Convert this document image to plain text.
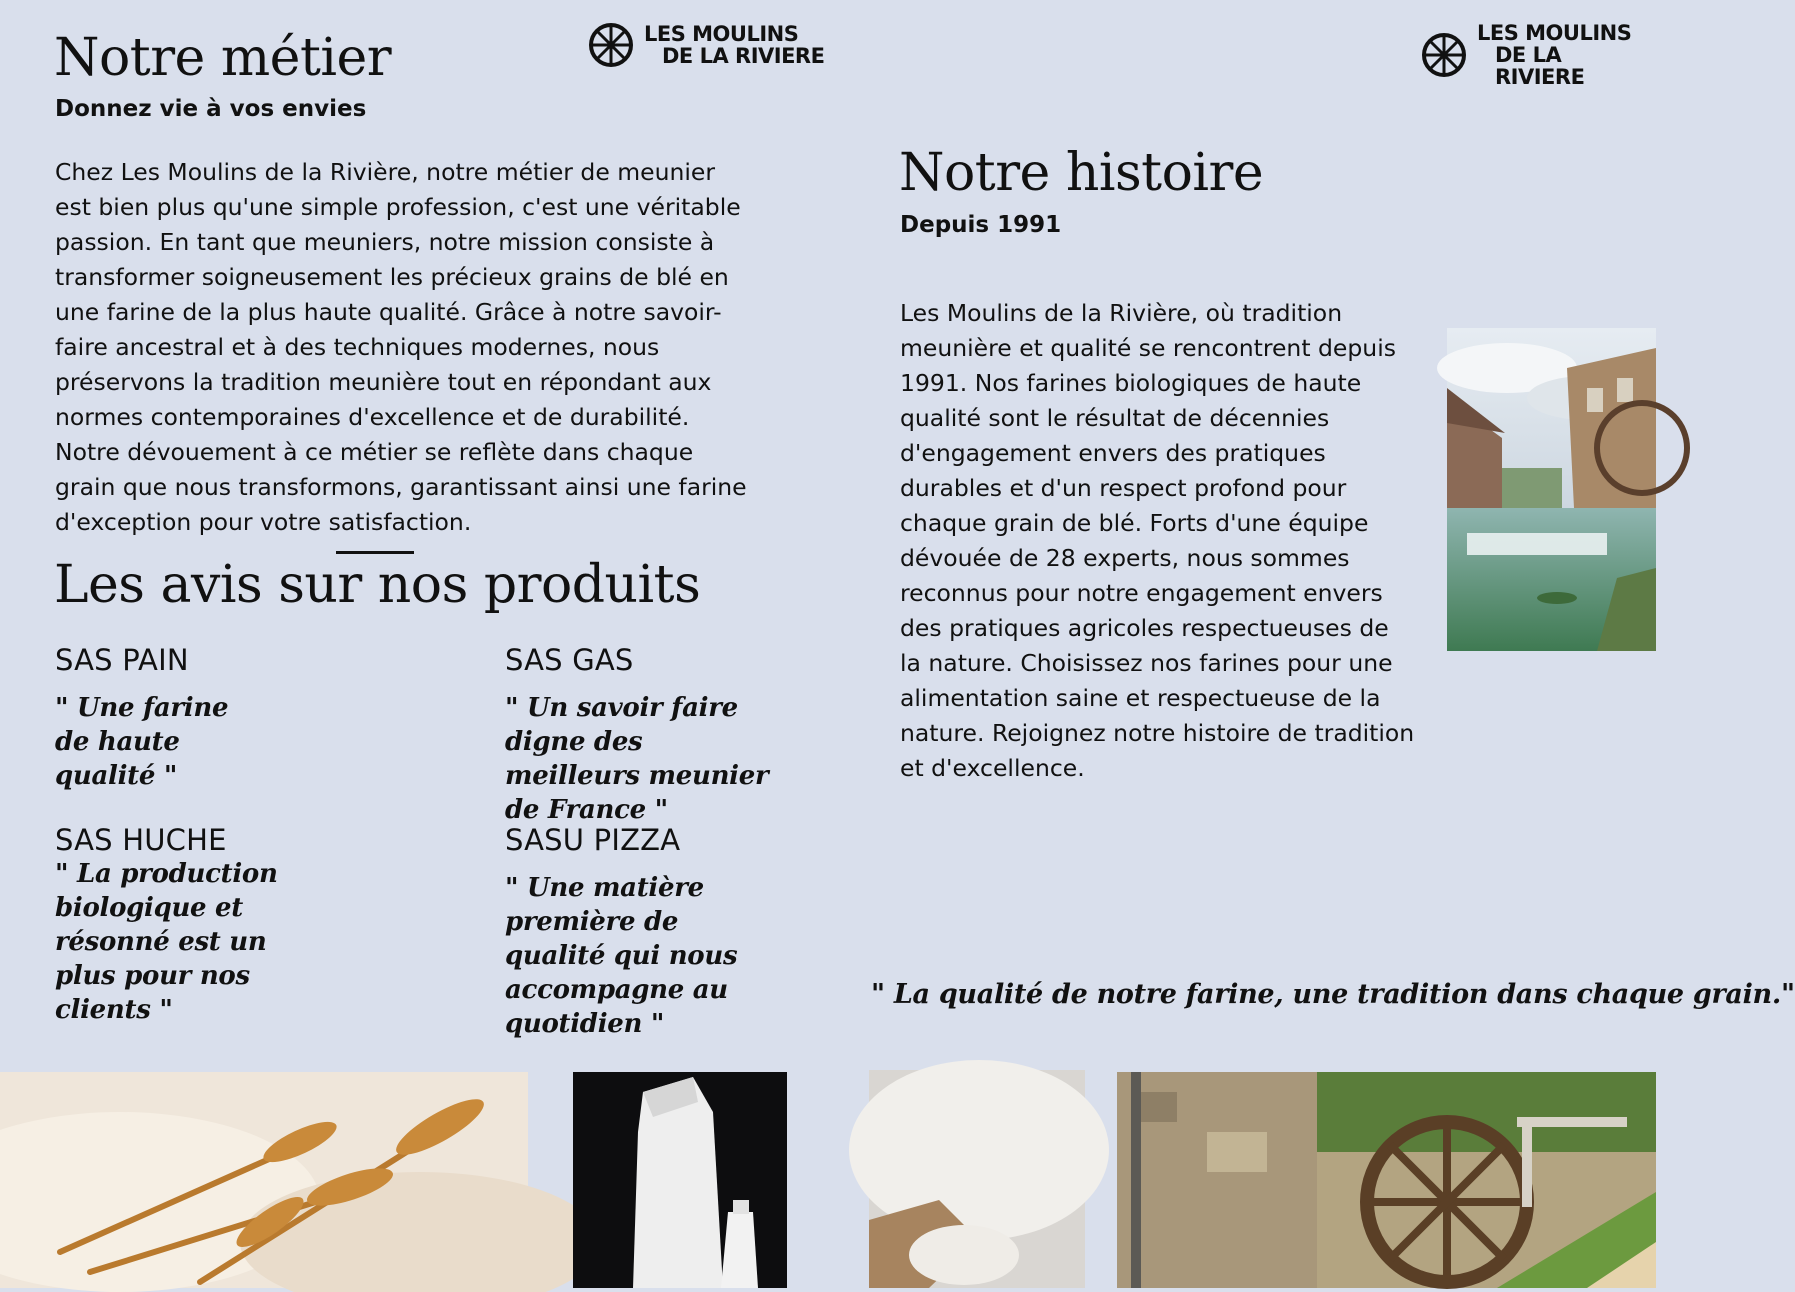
LES MOULINS
DE LA RIVIERE
LES MOULINS
DE LA RIVIERE
Notre métier

Donnez vie à vos envies

Chez Les Moulins de la Rivière, notre métier de meunier est bien plus qu'une simple profession, c'est une véritable passion. En tant que meuniers, notre mission consiste à transformer soigneusement les précieux grains de blé en une farine de la plus haute qualité. Grâce à notre savoir-faire ancestral et à des techniques modernes, nous préservons la tradition meunière tout en répondant aux normes contemporaines d'excellence et de durabilité. Notre dévouement à ce métier se reflète dans chaque grain que nous transformons, garantissant ainsi une farine d'exception pour votre satisfaction.

Les avis sur nos produits

SAS PAIN

" Une farine de haute qualité "

SAS GAS

" Un savoir faire digne des meilleurs meunier de France "

SAS HUCHE

" La production biologique et résonné est un plus pour nos clients "

SASU PIZZA

" Une matière première de qualité qui nous accompagne au quotidien "

Notre histoire

Depuis 1991

Les Moulins de la Rivière, où tradition meunière et qualité se rencontrent depuis 1991. Nos farines biologiques de haute qualité sont le résultat de décennies d'engagement envers des pratiques durables et d'un respect profond pour chaque grain de blé. Forts d'une équipe dévouée de 28 experts, nous sommes reconnus pour notre engagement envers des pratiques agricoles respectueuses de la nature. Choisissez nos farines pour une alimentation saine et respectueuse de la nature. Rejoignez notre histoire de tradition et d'excellence.

" La qualité de notre farine, une tradition dans chaque grain."
